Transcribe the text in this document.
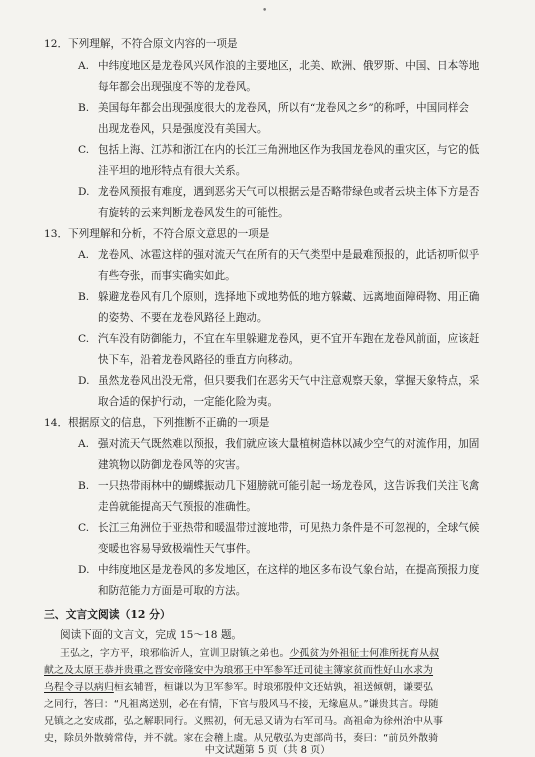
•
12．下列理解，不符合原文内容的一项是
A. 中纬度地区是龙卷风兴风作浪的主要地区，北美、欧洲、俄罗斯、中国、日本等地
每年都会出现强度不等的龙卷风。
B. 美国每年都会出现强度很大的龙卷风，所以有“龙卷风之乡”的称呼，中国同样会
出现龙卷风，只是强度没有美国大。
C. 包括上海、江苏和浙江在内的长江三角洲地区作为我国龙卷风的重灾区，与它的低
洼平坦的地形特点有很大关系。
D. 龙卷风预报有难度，遇到恶劣天气可以根据云是否略带绿色或者云块主体下方是否
有旋转的云来判断龙卷风发生的可能性。
13．下列理解和分析，不符合原文意思的一项是
A. 龙卷风、冰雹这样的强对流天气在所有的天气类型中是最难预报的，此话初听似乎
有些夸张，而事实确实如此。
B. 躲避龙卷风有几个原则，选择地下或地势低的地方躲藏、远离地面障碍物、用正确
的姿势、不要在龙卷风路径上跑动。
C. 汽车没有防御能力，不宜在车里躲避龙卷风，更不宜开车跑在龙卷风前面，应该赶
快下车，沿着龙卷风路径的垂直方向移动。
D. 虽然龙卷风出没无常，但只要我们在恶劣天气中注意观察天象，掌握天象特点，采
取合适的保护行动，一定能化险为夷。
14．根据原文的信息，下列推断不正确的一项是
A. 强对流天气既然难以预报，我们就应该大量植树造林以减少空气的对流作用，加固
建筑物以防御龙卷风等的灾害。
B. 一只热带雨林中的蝴蝶振动几下翅膀就可能引起一场龙卷风，这告诉我们关注飞禽
走兽就能提高天气预报的准确性。
C. 长江三角洲位于亚热带和暖温带过渡地带，可见热力条件是不可忽视的，全球气候
变暖也容易导致极端性天气事件。
D. 中纬度地区是龙卷风的多发地区，在这样的地区多布设气象台站，在提高预报力度
和防范能力方面是可取的方法。
三、文言文阅读（12 分）
阅读下面的文言文，完成 15～18 题。
王弘之，字方平，琅邪临沂人，宣训卫尉镇之弟也。少孤贫为外祖征士何准所抚育从叔
献之及太原王恭并贵重之晋安帝隆安中为琅邪王中军参军迁司徒主簿家贫而性好山水求为
乌程令寻以病归桓玄辅晋，桓谦以为卫军参军。时琅邪殷仲文还姑孰，祖送倾朝，谦要弘
之同行，答曰：“凡祖离送别，必在有情，下官与殷风马不接，无缘扈从。”谦贵其言。母随
兄镇之之安成郡，弘之解职同行。义熙初，何无忌又请为右军司马。高祖命为徐州治中从事
中文试题第 5 页（共 8 页）
史，除员外散骑常侍，并不就。家在会稽上虞。从兄敬弘为吏部尚书，奏曰：“前员外散骑
